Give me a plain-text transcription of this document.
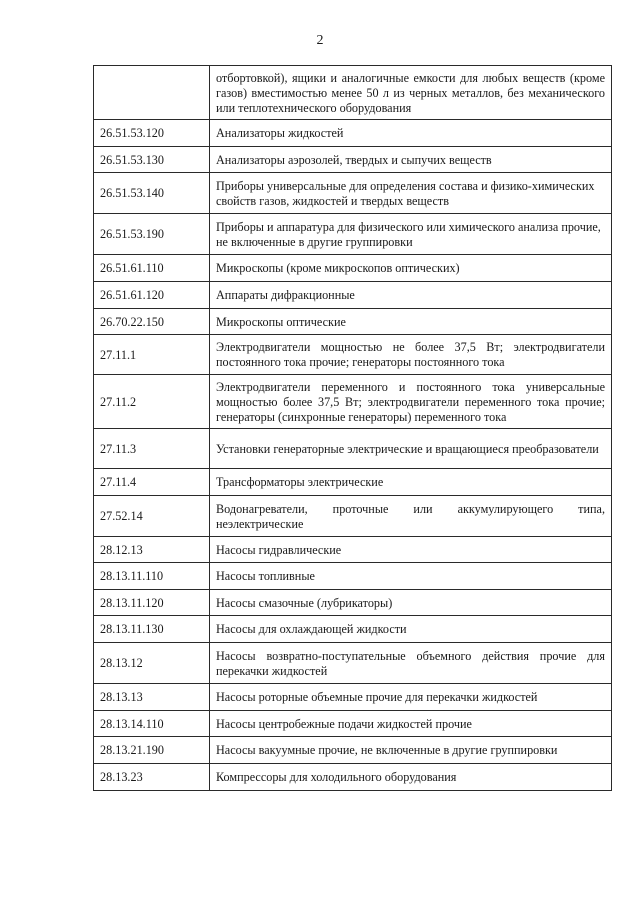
2
	отбортовкой), ящики и аналогичные емкости для любых веществ (кроме газов) вместимостью менее 50 л из черных металлов, без механического или теплотехнического оборудования
26.51.53.120	Анализаторы жидкостей
26.51.53.130	Анализаторы аэрозолей, твердых и сыпучих веществ
26.51.53.140	Приборы универсальные для определения состава и физико-химических свойств газов, жидкостей и твердых веществ
26.51.53.190	Приборы и аппаратура для физического или химического анализа прочие, не включенные в другие группировки
26.51.61.110	Микроскопы (кроме микроскопов оптических)
26.51.61.120	Аппараты дифракционные
26.70.22.150	Микроскопы оптические
27.11.1	Электродвигатели мощностью не более 37,5 Вт; электродвигатели постоянного тока прочие; генераторы постоянного тока
27.11.2	Электродвигатели переменного и постоянного тока универсальные мощностью более 37,5 Вт; электродвигатели переменного тока прочие; генераторы (синхронные генераторы) переменного тока
27.11.3	Установки генераторные электрические и вращающиеся преобразователи
27.11.4	Трансформаторы электрические
27.52.14	Водонагреватели, проточные или аккумулирующего типа, неэлектрические
28.12.13	Насосы гидравлические
28.13.11.110	Насосы топливные
28.13.11.120	Насосы смазочные (лубрикаторы)
28.13.11.130	Насосы для охлаждающей жидкости
28.13.12	Насосы возвратно-поступательные объемного действия прочие для перекачки жидкостей
28.13.13	Насосы роторные объемные прочие для перекачки жидкостей
28.13.14.110	Насосы центробежные подачи жидкостей прочие
28.13.21.190	Насосы вакуумные прочие, не включенные в другие группировки
28.13.23	Компрессоры для холодильного оборудования
